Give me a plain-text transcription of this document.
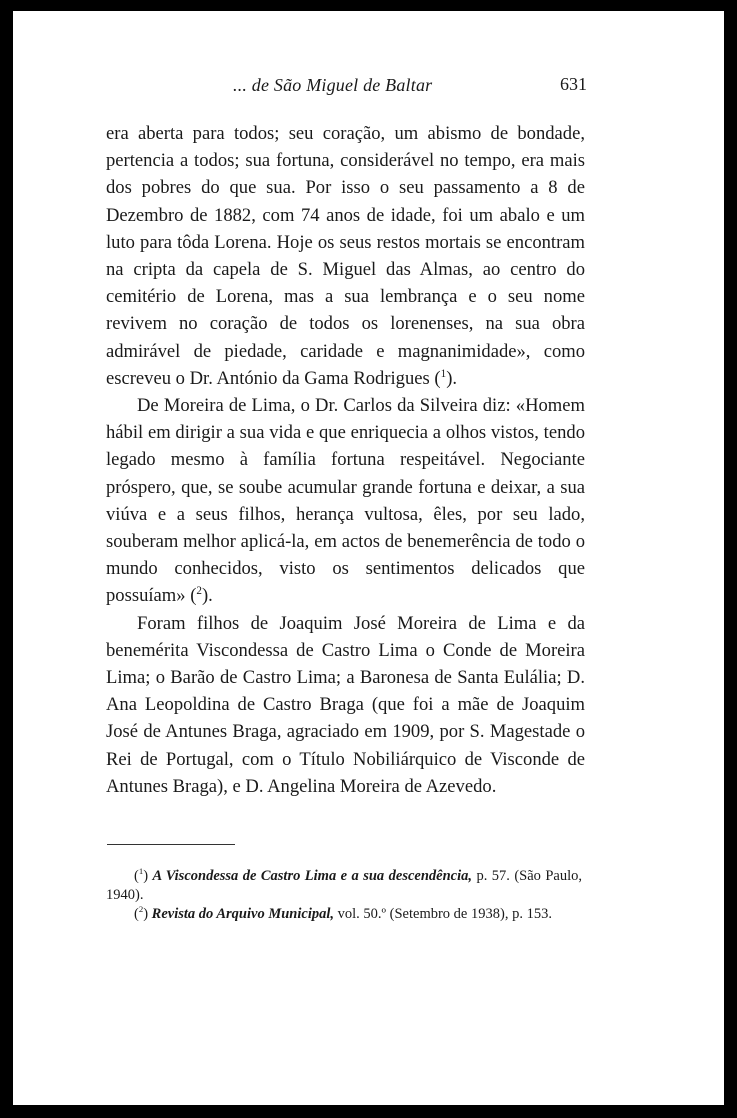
... de São Miguel de Baltar	631

era aberta para todos; seu coração, um abismo de bondade, pertencia a todos; sua fortuna, considerável no tempo, era mais dos pobres do que sua. Por isso o seu passamento a 8 de Dezembro de 1882, com 74 anos de idade, foi um abalo e um luto para tôda Lorena. Hoje os seus restos mortais se encontram na cripta da capela de S. Miguel das Almas, ao centro do cemitério de Lorena, mas a sua lembrança e o seu nome revivem no coração de todos os lorenenses, na sua obra admirável de piedade, caridade e magnanimidade», como escreveu o Dr. António da Gama Rodrigues ($^1$).

De Moreira de Lima, o Dr. Carlos da Silveira diz: «Homem hábil em dirigir a sua vida e que enriquecia a olhos vistos, tendo legado mesmo à família fortuna respeitável. Negociante próspero, que, se soube acumular grande fortuna e deixar, a sua viúva e a seus filhos, herança vultosa, êles, por seu lado, souberam melhor aplicá-la, em actos de benemerência de todo o mundo conhecidos, visto os sentimentos delicados que possuíam» ($^2$).

Foram filhos de Joaquim José Moreira de Lima e da benemérita Viscondessa de Castro Lima o Conde de Moreira Lima; o Barão de Castro Lima; a Baronesa de Santa Eulália; D. Ana Leopoldina de Castro Braga (que foi a mãe de Joaquim José de Antunes Braga, agraciado em 1909, por S. Magestade o Rei de Portugal, com o Título Nobiliárquico de Visconde de Antunes Braga), e D. Angelina Moreira de Azevedo.

($^1$) A Viscondessa de Castro Lima e a sua descendência, p. 57. (São Paulo, 1940).

($^2$) Revista do Arquivo Municipal, vol. 50.º (Setembro de 1938), p. 153.
